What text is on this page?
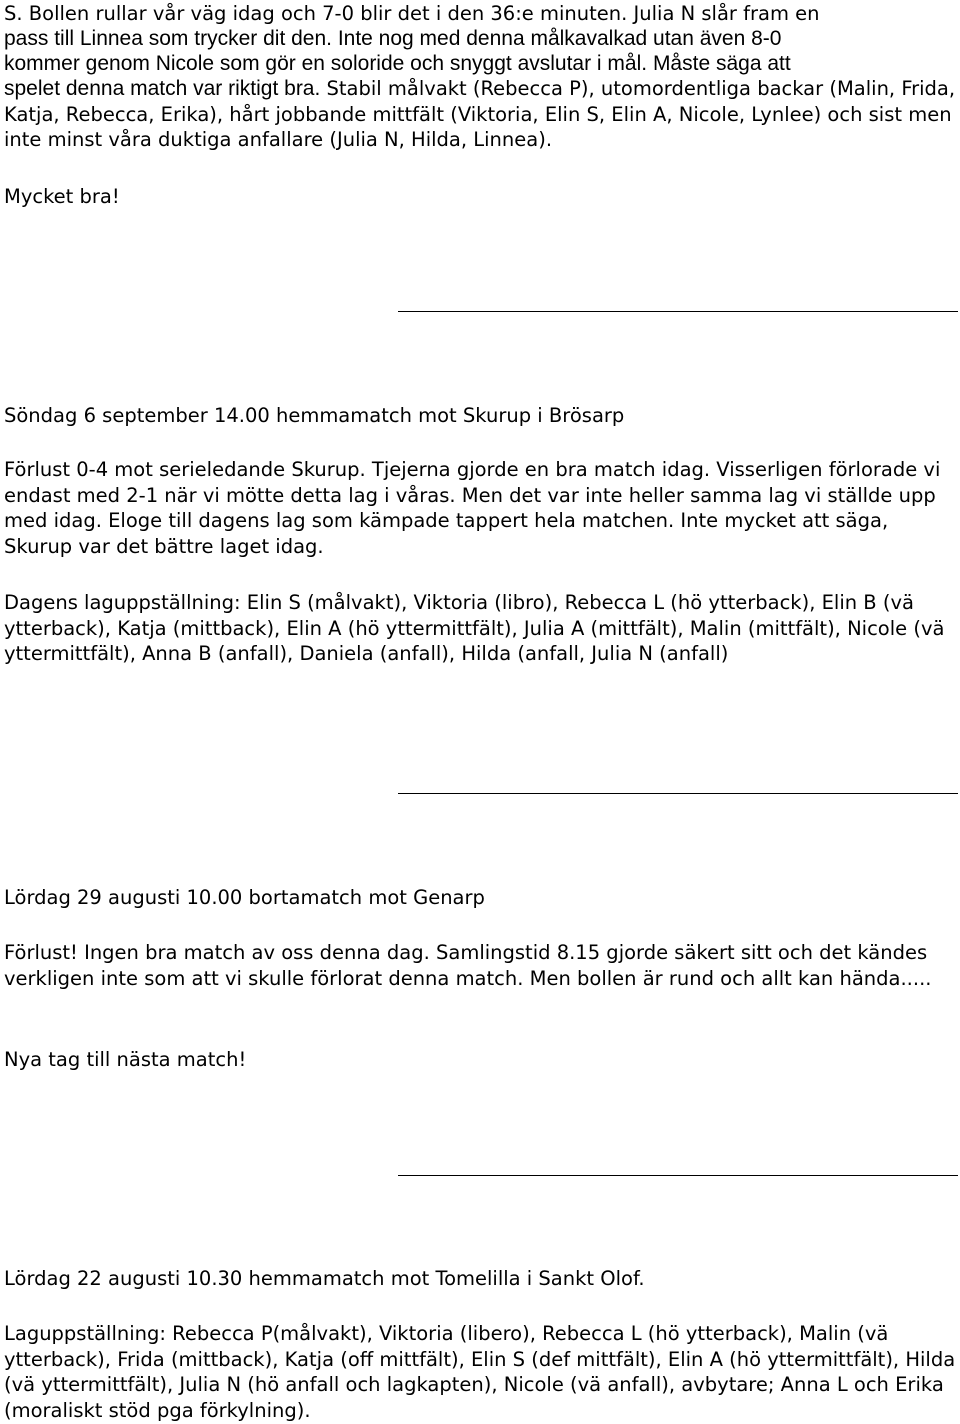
S. Bollen rullar vår väg idag och 7-0 blir det i den 36:e minuten. Julia N slår fram en
pass till Linnea som trycker dit den. Inte nog med denna målkavalkad utan även 8-0
kommer genom Nicole som gör en soloride och snyggt avslutar i mål. Måste säga att

spelet denna match var riktigt bra. Stabil målvakt (Rebecca P), utomordentliga backar (Malin, Frida, Katja, Rebecca, Erika), hårt jobbande mittfält (Viktoria, Elin S, Elin A, Nicole, Lynlee) och sist men inte minst våra duktiga anfallare (Julia N, Hilda, Linnea).

Mycket bra!
Söndag 6 september 14.00 hemmamatch mot Skurup i Brösarp

Förlust 0-4 mot serieledande Skurup. Tjejerna gjorde en bra match idag. Visserligen förlorade vi endast med 2-1 när vi mötte detta lag i våras. Men det var inte heller samma lag vi ställde upp med idag. Eloge till dagens lag som kämpade tappert hela matchen. Inte mycket att säga, Skurup var det bättre laget idag.

Dagens laguppställning: Elin S (målvakt), Viktoria (libro), Rebecca L (hö ytterback), Elin B (vä ytterback), Katja (mittback), Elin A (hö yttermittfält), Julia A (mittfält), Malin (mittfält), Nicole (vä yttermittfält), Anna B (anfall), Daniela (anfall), Hilda (anfall, Julia N (anfall)

Lördag 29 augusti 10.00 bortamatch mot Genarp

Förlust! Ingen bra match av oss denna dag. Samlingstid 8.15 gjorde säkert sitt och det kändes verkligen inte som att vi skulle förlorat denna match. Men bollen är rund och allt kan hända.....

Nya tag till nästa match!
Lördag 22 augusti 10.30 hemmamatch mot Tomelilla i Sankt Olof.

Laguppställning: Rebecca P(målvakt), Viktoria (libero), Rebecca L (hö ytterback), Malin (vä ytterback), Frida (mittback), Katja (off mittfält), Elin S (def mittfält), Elin A (hö yttermittfält), Hilda (vä yttermittfält), Julia N (hö anfall och lagkapten), Nicole (vä anfall), avbytare; Anna L och Erika (moraliskt stöd pga förkylning).
